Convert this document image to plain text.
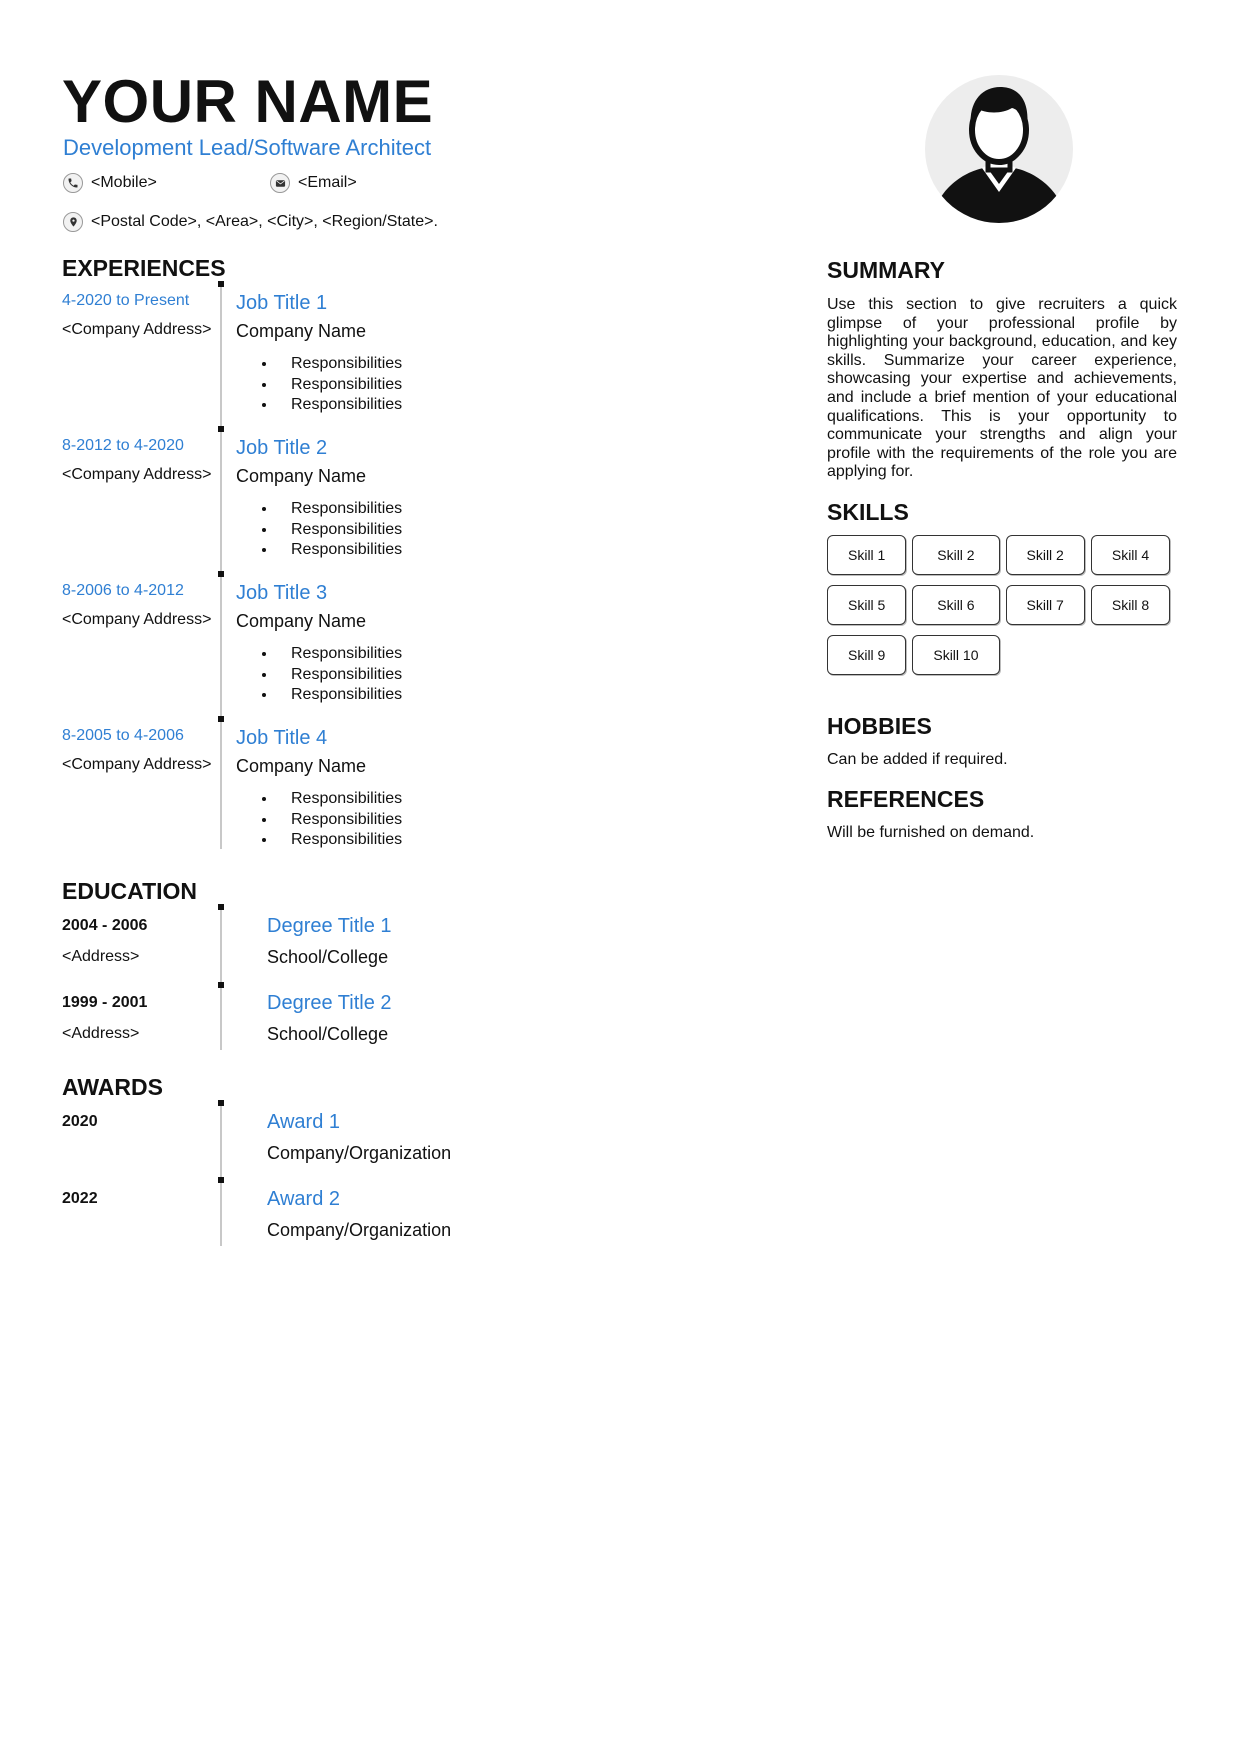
YOUR NAME
Development Lead/Software Architect
<Mobile>	<Email>
<Postal Code>, <Area>, <City>, <Region/State>.
EXPERIENCES
4-2020 to Present
<Company Address>
Job Title 1
Company Name
• Responsibilities
• Responsibilities
• Responsibilities
8-2012 to 4-2020
<Company Address>
Job Title 2
Company Name
• Responsibilities
• Responsibilities
• Responsibilities
8-2006 to 4-2012
<Company Address>
Job Title 3
Company Name
• Responsibilities
• Responsibilities
• Responsibilities
8-2005 to 4-2006
<Company Address>
Job Title 4
Company Name
• Responsibilities
• Responsibilities
• Responsibilities
EDUCATION
2004 - 2006
<Address>
Degree Title 1
School/College
1999 - 2001
<Address>
Degree Title 2
School/College
AWARDS
2020	Award 1
Company/Organization
2022	Award 2
Company/Organization
SUMMARY
Use this section to give recruiters a quick glimpse of your professional profile by highlighting your background, education, and key skills. Summarize your career experience, showcasing your expertise and achievements, and include a brief mention of your educational qualifications. This is your opportunity to communicate your strengths and align your profile with the requirements of the role you are applying for.
SKILLS
Skill 1	Skill 2	Skill 2	Skill 4
Skill 5	Skill 6	Skill 7	Skill 8
Skill 9	Skill 10
HOBBIES
Can be added if required.
REFERENCES
Will be furnished on demand.
